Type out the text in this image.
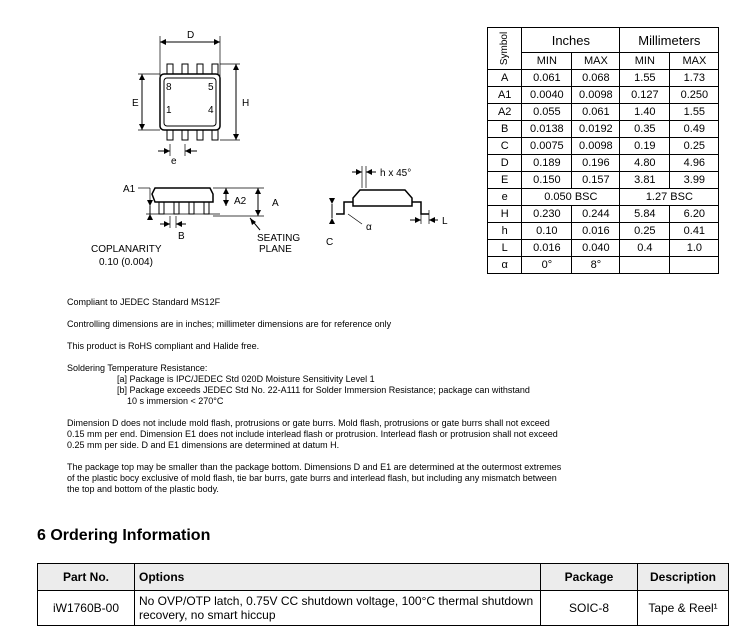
D
8	5
1	4
E	H
e
A1
A2	A
B	SEATING
PLANE
COPLANARITY
0.10 (0.004)
h x 45°
C
α
L
Symbol	Inches		Millimeters	
	MIN	MAX	MIN	MAX
A	0.061	0.068	1.55	1.73
A1	0.0040	0.0098	0.127	0.250
A2	0.055	0.061	1.40	1.55
B	0.0138	0.0192	0.35	0.49
C	0.0075	0.0098	0.19	0.25
D	0.189	0.196	4.80	4.96
E	0.150	0.157	3.81	3.99
e	0.050 BSC		1.27 BSC	
H	0.230	0.244	5.84	6.20
h	0.10	0.016	0.25	0.41
L	0.016	0.040	0.4	1.0
α	0°	8°		

Compliant to JEDEC Standard MS12F

Controlling dimensions are in inches; millimeter dimensions are for reference only

This product is RoHS compliant and Halide free.

Soldering Temperature Resistance:

[a] Package is IPC/JEDEC Std 020D Moisture Sensitivity Level 1

[b] Package exceeds JEDEC Std No. 22-A111 for Solder Immersion Resistance; package can withstand

10 s immersion < 270°C

Dimension D does not include mold flash, protrusions or gate burrs. Mold flash, protrusions or gate burrs shall not exceed 0.15 mm per end. Dimension E1 does not include interlead flash or protrusion. Interlead flash or protrusion shall not exceed 0.25 mm per side. D and E1 dimensions are determined at datum H.

The package top may be smaller than the package bottom. Dimensions D and E1 are determined at the outermost extremes of the plastic bocy exclusive of mold flash, tie bar burrs, gate burrs and interlead flash, but including any mismatch between the top and bottom of the plastic body.

6 Ordering Information
Part No.	Options	Package	Description
iW1760B-00	No OVP/OTP latch, 0.75V CC shutdown voltage, 100°C thermal shutdown recovery, no smart hiccup	SOIC-8	Tape & Reel¹
